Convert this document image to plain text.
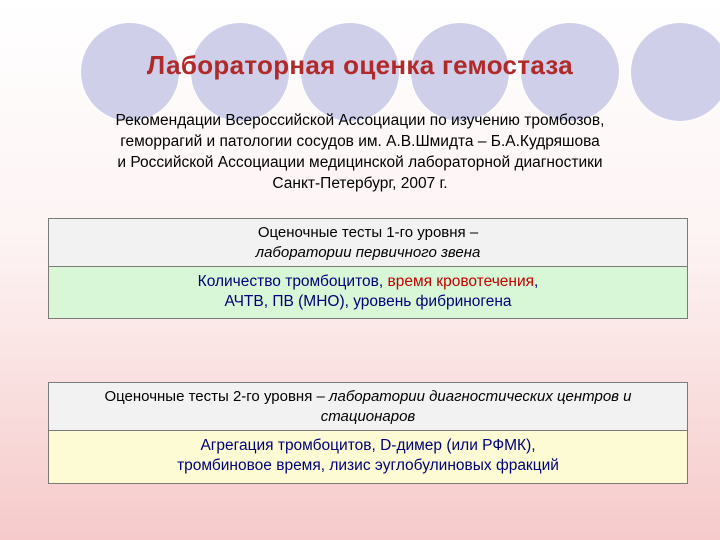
Лабораторная оценка гемостаза
Рекомендации Всероссийской Ассоциации по изучению тромбозов,
геморрагий и патологии сосудов им. А.В.Шмидта – Б.А.Кудряшова
и Российской Ассоциации медицинской лабораторной диагностики
Санкт-Петербург, 2007 г.
Оценочные тесты 1-го уровня –
лаборатории первичного звена
Количество тромбоцитов, время кровотечения,
АЧТВ, ПВ (МНО), уровень фибриногена
Оценочные тесты 2-го уровня – лаборатории диагностических центров и стационаров
Агрегация тромбоцитов, D-димер (или РФМК),
тромбиновое время, лизис эуглобулиновых фракций
